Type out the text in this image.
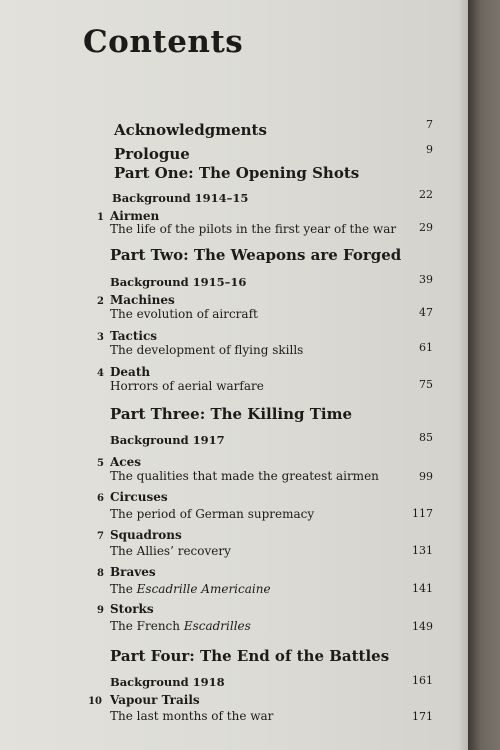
Contents
Acknowledgments	7
Prologue	9
Part One: The Opening Shots
Background 1914–15	22
1 Airmen
The life of the pilots in the first year of the war	29
Part Two: The Weapons are Forged
Background 1915–16	39
2 Machines
The evolution of aircraft	47
3 Tactics
The development of flying skills	61
4 Death
Horrors of aerial warfare	75
Part Three: The Killing Time
Background 1917	85
5 Aces
The qualities that made the greatest airmen	99
6 Circuses
The period of German supremacy	117
7 Squadrons
The Allies’ recovery	131
8 Braves
The Escadrille Americaine	141
9 Storks
The French Escadrilles	149
Part Four: The End of the Battles
Background 1918	161
10 Vapour Trails
The last months of the war	171
